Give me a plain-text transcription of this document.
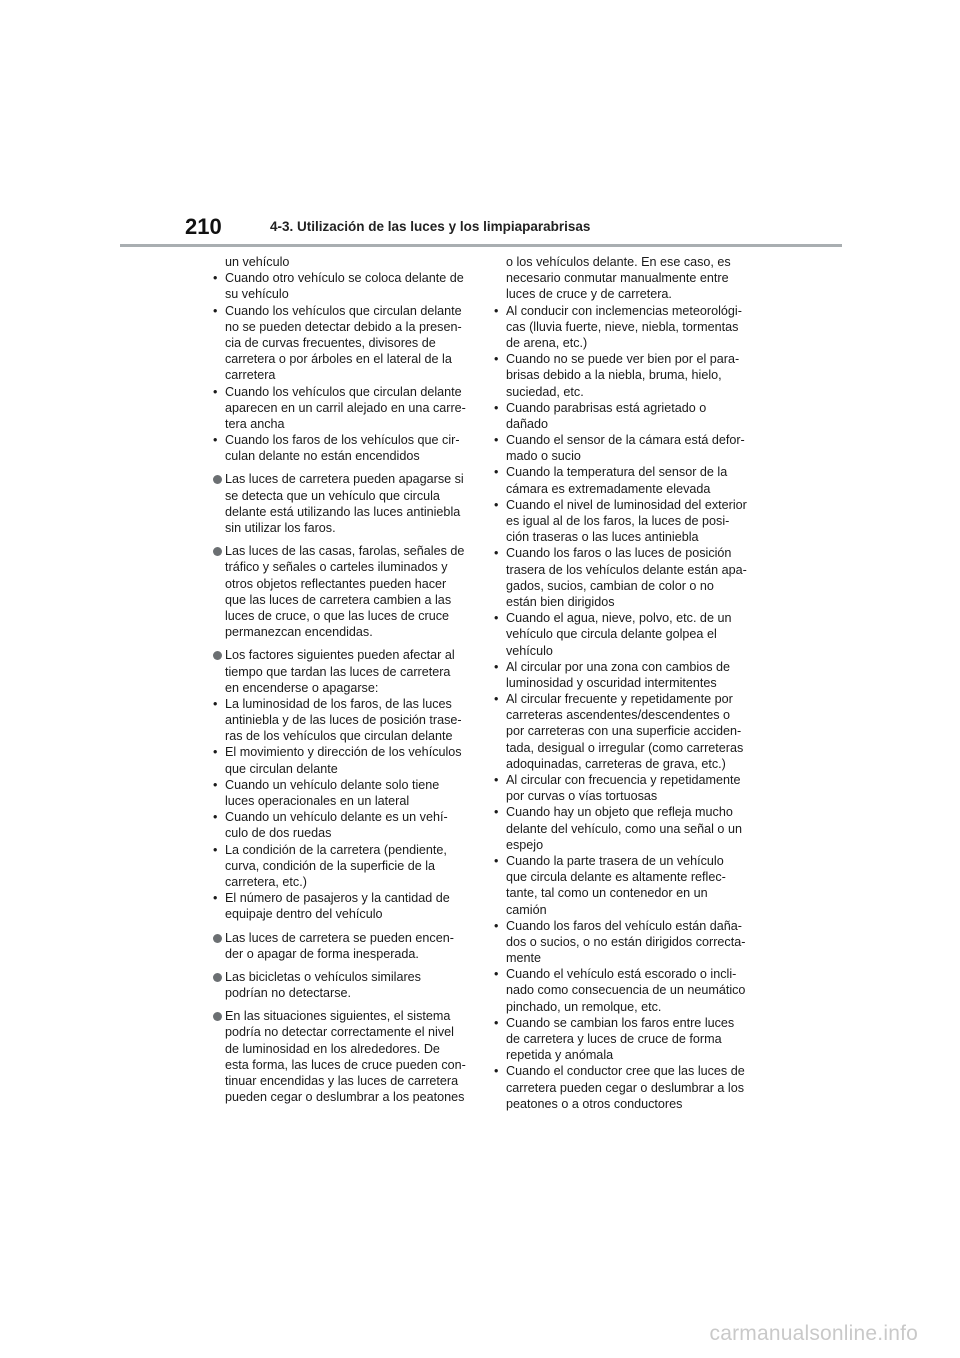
210	4-3. Utilización de las luces y los limpiaparabrisas
un vehículo
• Cuando otro vehículo se coloca delante de
su vehículo
• Cuando los vehículos que circulan delante
no se pueden detectar debido a la presen-
cia de curvas frecuentes, divisores de
carretera o por árboles en el lateral de la
carretera
• Cuando los vehículos que circulan delante
aparecen en un carril alejado en una carre-
tera ancha
• Cuando los faros de los vehículos que cir-
culan delante no están encendidos
Las luces de carretera pueden apagarse si
se detecta que un vehículo que circula
delante está utilizando las luces antiniebla
sin utilizar los faros.
Las luces de las casas, farolas, señales de
tráfico y señales o carteles iluminados y
otros objetos reflectantes pueden hacer
que las luces de carretera cambien a las
luces de cruce, o que las luces de cruce
permanezcan encendidas.
Los factores siguientes pueden afectar al
tiempo que tardan las luces de carretera
en encenderse o apagarse:
• La luminosidad de los faros, de las luces
antiniebla y de las luces de posición trase-
ras de los vehículos que circulan delante
• El movimiento y dirección de los vehículos
que circulan delante
• Cuando un vehículo delante solo tiene
luces operacionales en un lateral
• Cuando un vehículo delante es un vehí-
culo de dos ruedas
• La condición de la carretera (pendiente,
curva, condición de la superficie de la
carretera, etc.)
• El número de pasajeros y la cantidad de
equipaje dentro del vehículo
Las luces de carretera se pueden encen-
der o apagar de forma inesperada.
Las bicicletas o vehículos similares
podrían no detectarse.
En las situaciones siguientes, el sistema
podría no detectar correctamente el nivel
de luminosidad en los alrededores. De
esta forma, las luces de cruce pueden con-
tinuar encendidas y las luces de carretera
pueden cegar o deslumbrar a los peatones
o los vehículos delante. En ese caso, es
necesario conmutar manualmente entre
luces de cruce y de carretera.
• Al conducir con inclemencias meteorológi-
cas (lluvia fuerte, nieve, niebla, tormentas
de arena, etc.)
• Cuando no se puede ver bien por el para-
brisas debido a la niebla, bruma, hielo,
suciedad, etc.
• Cuando parabrisas está agrietado o
dañado
• Cuando el sensor de la cámara está defor-
mado o sucio
• Cuando la temperatura del sensor de la
cámara es extremadamente elevada
• Cuando el nivel de luminosidad del exterior
es igual al de los faros, la luces de posi-
ción traseras o las luces antiniebla
• Cuando los faros o las luces de posición
trasera de los vehículos delante están apa-
gados, sucios, cambian de color o no
están bien dirigidos
• Cuando el agua, nieve, polvo, etc. de un
vehículo que circula delante golpea el
vehículo
• Al circular por una zona con cambios de
luminosidad y oscuridad intermitentes
• Al circular frecuente y repetidamente por
carreteras ascendentes/descendentes o
por carreteras con una superficie acciden-
tada, desigual o irregular (como carreteras
adoquinadas, carreteras de grava, etc.)
• Al circular con frecuencia y repetidamente
por curvas o vías tortuosas
• Cuando hay un objeto que refleja mucho
delante del vehículo, como una señal o un
espejo
• Cuando la parte trasera de un vehículo
que circula delante es altamente reflec-
tante, tal como un contenedor en un
camión
• Cuando los faros del vehículo están daña-
dos o sucios, o no están dirigidos correcta-
mente
• Cuando el vehículo está escorado o incli-
nado como consecuencia de un neumático
pinchado, un remolque, etc.
• Cuando se cambian los faros entre luces
de carretera y luces de cruce de forma
repetida y anómala
• Cuando el conductor cree que las luces de
carretera pueden cegar o deslumbrar a los
peatones o a otros conductores
carmanualsonline.info
